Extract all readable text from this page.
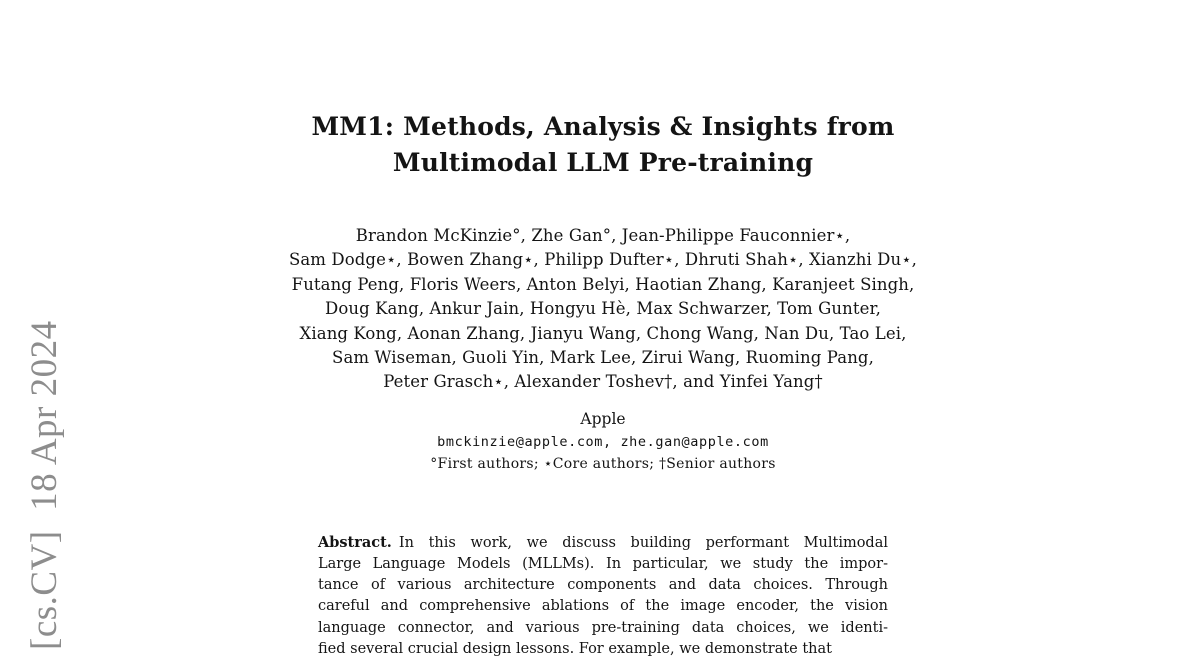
[cs.CV]  18 Apr 2024
MM1: Methods, Analysis & Insights from
Multimodal LLM Pre-training
Brandon McKinzie°, Zhe Gan°, Jean-Philippe Fauconnier⋆,
Sam Dodge⋆, Bowen Zhang⋆, Philipp Dufter⋆, Dhruti Shah⋆, Xianzhi Du⋆,
Futang Peng, Floris Weers, Anton Belyi, Haotian Zhang, Karanjeet Singh,
Doug Kang, Ankur Jain, Hongyu Hè, Max Schwarzer, Tom Gunter,
Xiang Kong, Aonan Zhang, Jianyu Wang, Chong Wang, Nan Du, Tao Lei,
Sam Wiseman, Guoli Yin, Mark Lee, Zirui Wang, Ruoming Pang,
Peter Grasch⋆, Alexander Toshev†, and Yinfei Yang†
Apple
bmckinzie@apple.com, zhe.gan@apple.com
°First authors; ⋆Core authors; †Senior authors
Abstract. In this work, we discuss building performant Multimodal
Large Language Models (MLLMs). In particular, we study the impor-
tance of various architecture components and data choices. Through
careful and comprehensive ablations of the image encoder, the vision
language connector, and various pre-training data choices, we identi-
fied several crucial design lessons. For example, we demonstrate that
